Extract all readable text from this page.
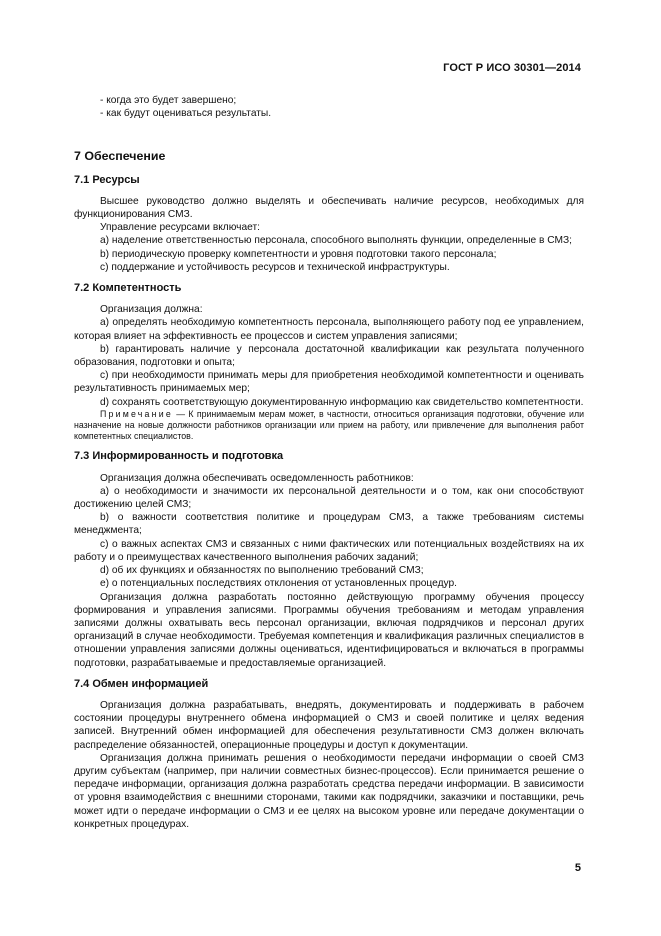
ГОСТ Р ИСО 30301—2014

- когда это будет завершено;

- как будут оцениваться результаты.

7 Обеспечение
7.1 Ресурсы

Высшее руководство должно выделять и обеспечивать наличие ресурсов, необходимых для функционирования СМЗ.

Управление ресурсами включает:

a) наделение ответственностью персонала, способного выполнять функции, определенные в СМЗ;

b) периодическую проверку компетентности и уровня подготовки такого персонала;

c) поддержание и устойчивость ресурсов и технической инфраструктуры.

7.2 Компетентность

Организация должна:

a) определять необходимую компетентность персонала, выполняющего работу под ее управлением, которая влияет на эффективность ее процессов и систем управления записями;

b) гарантировать наличие у персонала достаточной квалификации как результата полученного образования, подготовки и опыта;

c) при необходимости принимать меры для приобретения необходимой компетентности и оценивать результативность принимаемых мер;

d) сохранять соответствующую документированную информацию как свидетельство компетентности.

Примечание — К принимаемым мерам может, в частности, относиться организация подготовки, обучение или назначение на новые должности работников организации или прием на работу, или привлечение для выполнения работ компетентных специалистов.

7.3 Информированность и подготовка

Организация должна обеспечивать осведомленность работников:

a) о необходимости и значимости их персональной деятельности и о том, как они способствуют достижению целей СМЗ;

b) о важности соответствия политике и процедурам СМЗ, а также требованиям системы менеджмента;

c) о важных аспектах СМЗ и связанных с ними фактических или потенциальных воздействиях на их работу и о преимуществах качественного выполнения рабочих заданий;

d) об их функциях и обязанностях по выполнению требований СМЗ;

e) о потенциальных последствиях отклонения от установленных процедур.

Организация должна разработать постоянно действующую программу обучения процессу формирования и управления записями. Программы обучения требованиям и методам управления записями должны охватывать весь персонал организации, включая подрядчиков и персонал других организаций в случае необходимости. Требуемая компетенция и квалификация различных специалистов в отношении управления записями должны оцениваться, идентифицироваться и включаться в программы подготовки, разрабатываемые и предоставляемые организацией.

7.4 Обмен информацией

Организация должна разрабатывать, внедрять, документировать и поддерживать в рабочем состоянии процедуры внутреннего обмена информацией о СМЗ и своей политике и целях ведения записей. Внутренний обмен информацией для обеспечения результативности СМЗ должен включать распределение обязанностей, операционные процедуры и доступ к документации.

Организация должна принимать решения о необходимости передачи информации о своей СМЗ другим субъектам (например, при наличии совместных бизнес-процессов). Если принимается решение о передаче информации, организация должна разработать средства передачи информации. В зависимости от уровня взаимодействия с внешними сторонами, такими как подрядчики, заказчики и поставщики, речь может идти о передаче информации о СМЗ и ее целях на высоком уровне или передаче документации о конкретных процедурах.

5
